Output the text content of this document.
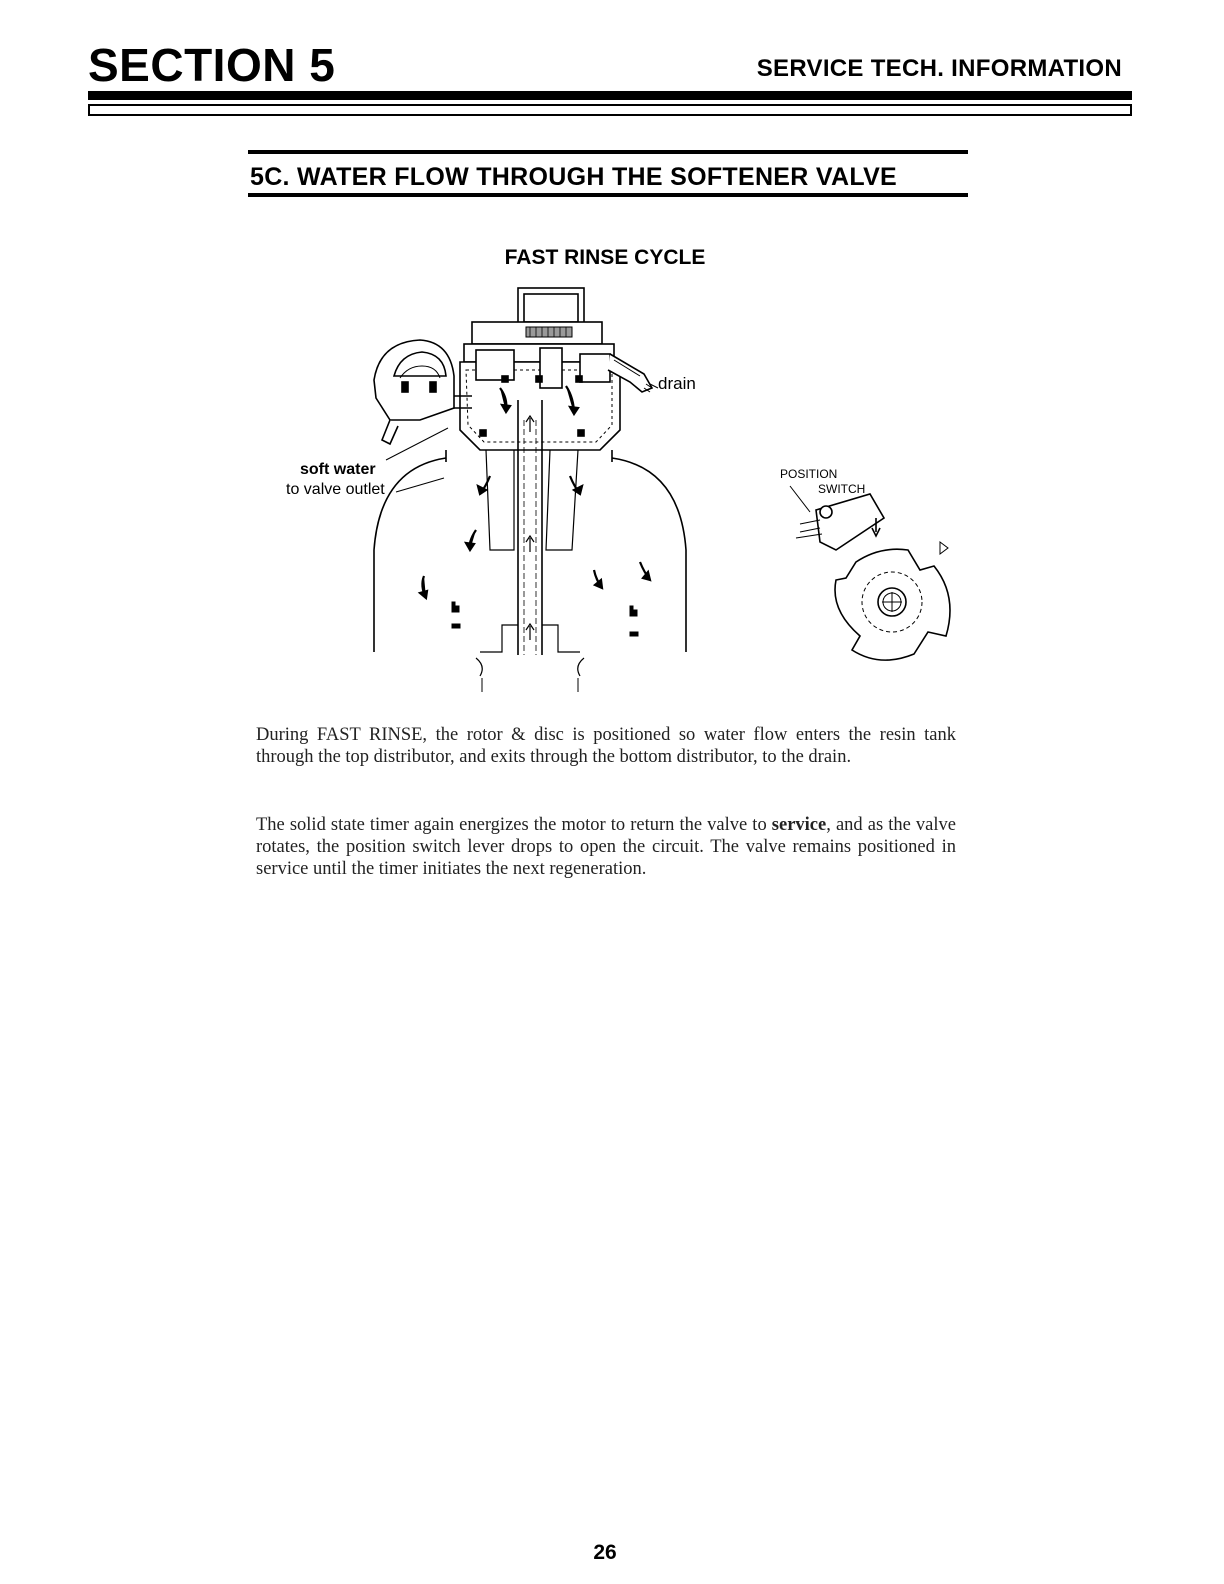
SECTION 5	SERVICE TECH. INFORMATION
5C. WATER FLOW THROUGH THE SOFTENER VALVE
FAST RINSE CYCLE
drain
soft water
to valve outlet
POSITION
SWITCH

During FAST RINSE, the rotor & disc is positioned so water flow enters the resin tank through the top distributor, and exits through the bottom distributor, to the drain.

The solid state timer again energizes the motor to return the valve to service, and as the valve rotates, the position switch lever drops to open the circuit. The valve remains positioned in service until the timer initiates the next regeneration.

26
